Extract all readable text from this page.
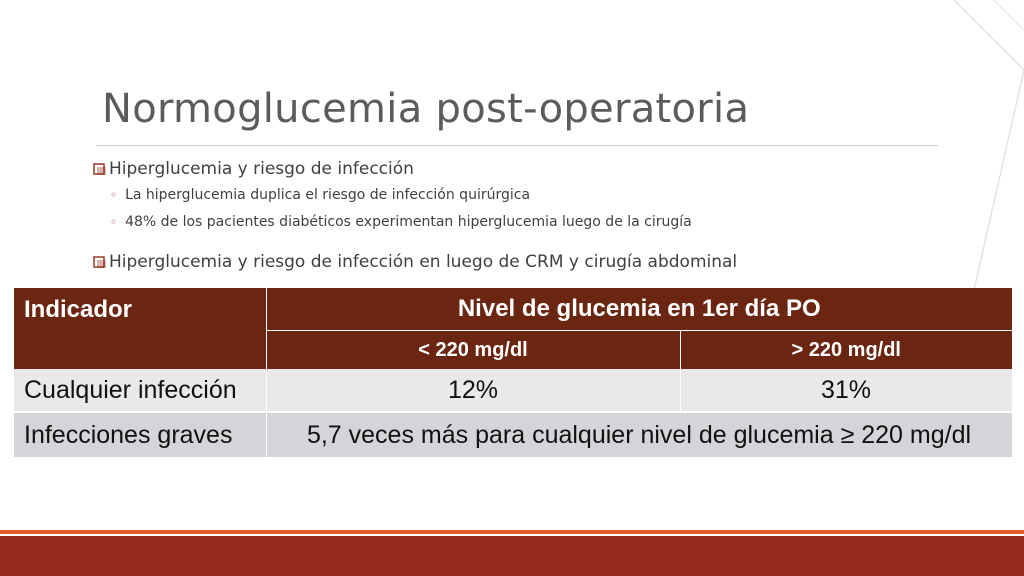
Normoglucemia post-operatoria
Hiperglucemia y riesgo de infección
◦ La hiperglucemia duplica el riesgo de infección quirúrgica
◦ 48% de los pacientes diabéticos experimentan hiperglucemia luego de la cirugía
Hiperglucemia y riesgo de infección en luego de CRM y cirugía abdominal
Indicador	Nivel de glucemia en 1er día PO	
	< 220 mg/dl	> 220 mg/dl
Cualquier infección	12%	31%
Infecciones graves	5,7 veces más para cualquier nivel de glucemia ≥ 220 mg/dl	
